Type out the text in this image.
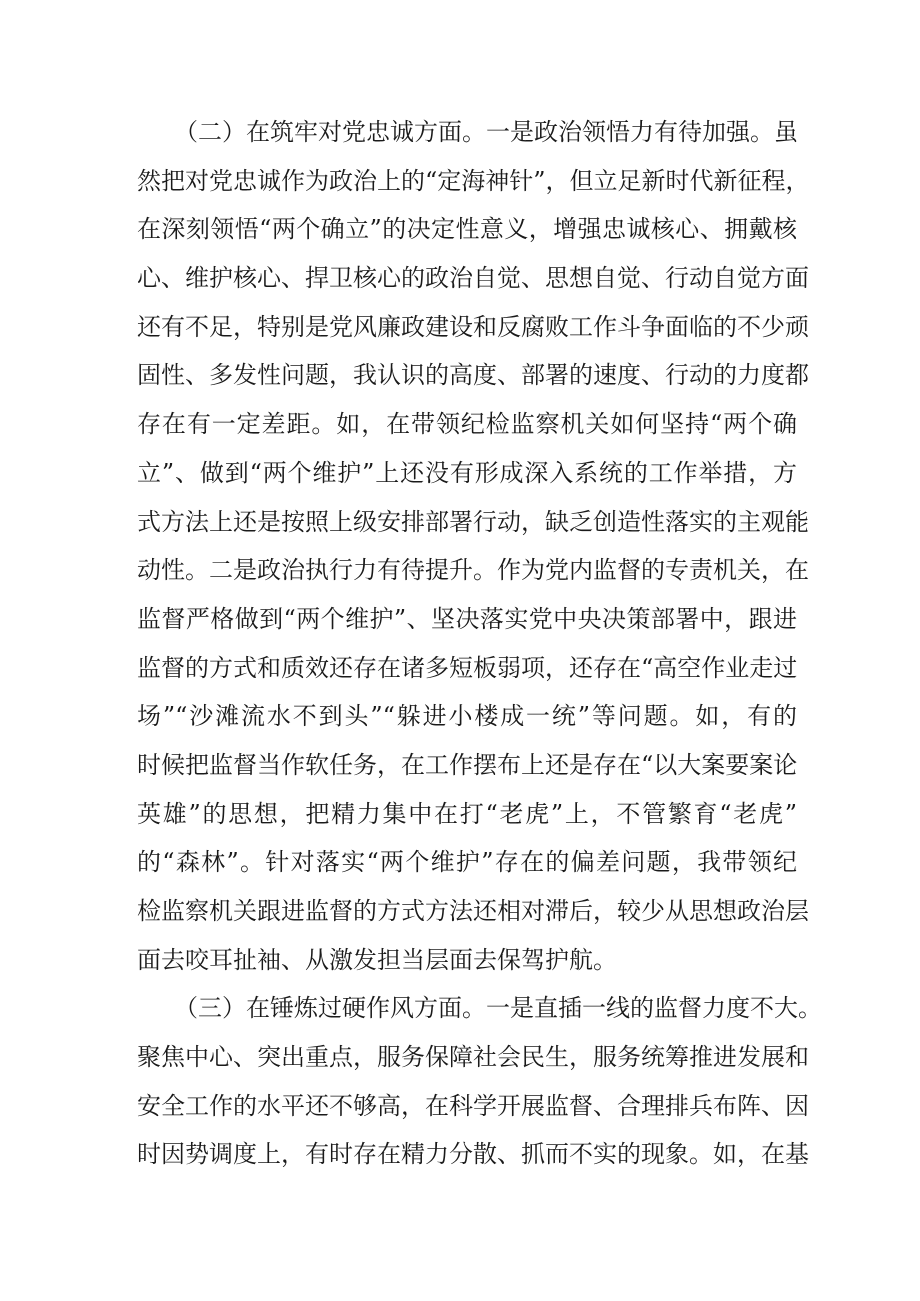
（二）在筑牢对党忠诚方面。一是政治领悟力有待加强。虽
然把对党忠诚作为政治上的“定海神针”，但立足新时代新征程，
在深刻领悟“两个确立”的决定性意义，增强忠诚核心、拥戴核
心、维护核心、捍卫核心的政治自觉、思想自觉、行动自觉方面
还有不足，特别是党风廉政建设和反腐败工作斗争面临的不少顽
固性、多发性问题，我认识的高度、部署的速度、行动的力度都
存在有一定差距。如，在带领纪检监察机关如何坚持“两个确
立”、做到“两个维护”上还没有形成深入系统的工作举措，方
式方法上还是按照上级安排部署行动，缺乏创造性落实的主观能
动性。二是政治执行力有待提升。作为党内监督的专责机关，在
监督严格做到“两个维护”、坚决落实党中央决策部署中，跟进
监督的方式和质效还存在诸多短板弱项，还存在“高空作业走过
场”“沙滩流水不到头”“躲进小楼成一统”等问题。如，有的
时候把监督当作软任务，在工作摆布上还是存在“以大案要案论
英雄”的思想，把精力集中在打“老虎”上，不管繁育“老虎”
的“森林”。针对落实“两个维护”存在的偏差问题，我带领纪
检监察机关跟进监督的方式方法还相对滞后，较少从思想政治层
面去咬耳扯袖、从激发担当层面去保驾护航。
（三）在锤炼过硬作风方面。一是直插一线的监督力度不大。
聚焦中心、突出重点，服务保障社会民生，服务统筹推进发展和
安全工作的水平还不够高，在科学开展监督、合理排兵布阵、因
时因势调度上，有时存在精力分散、抓而不实的现象。如，在基
